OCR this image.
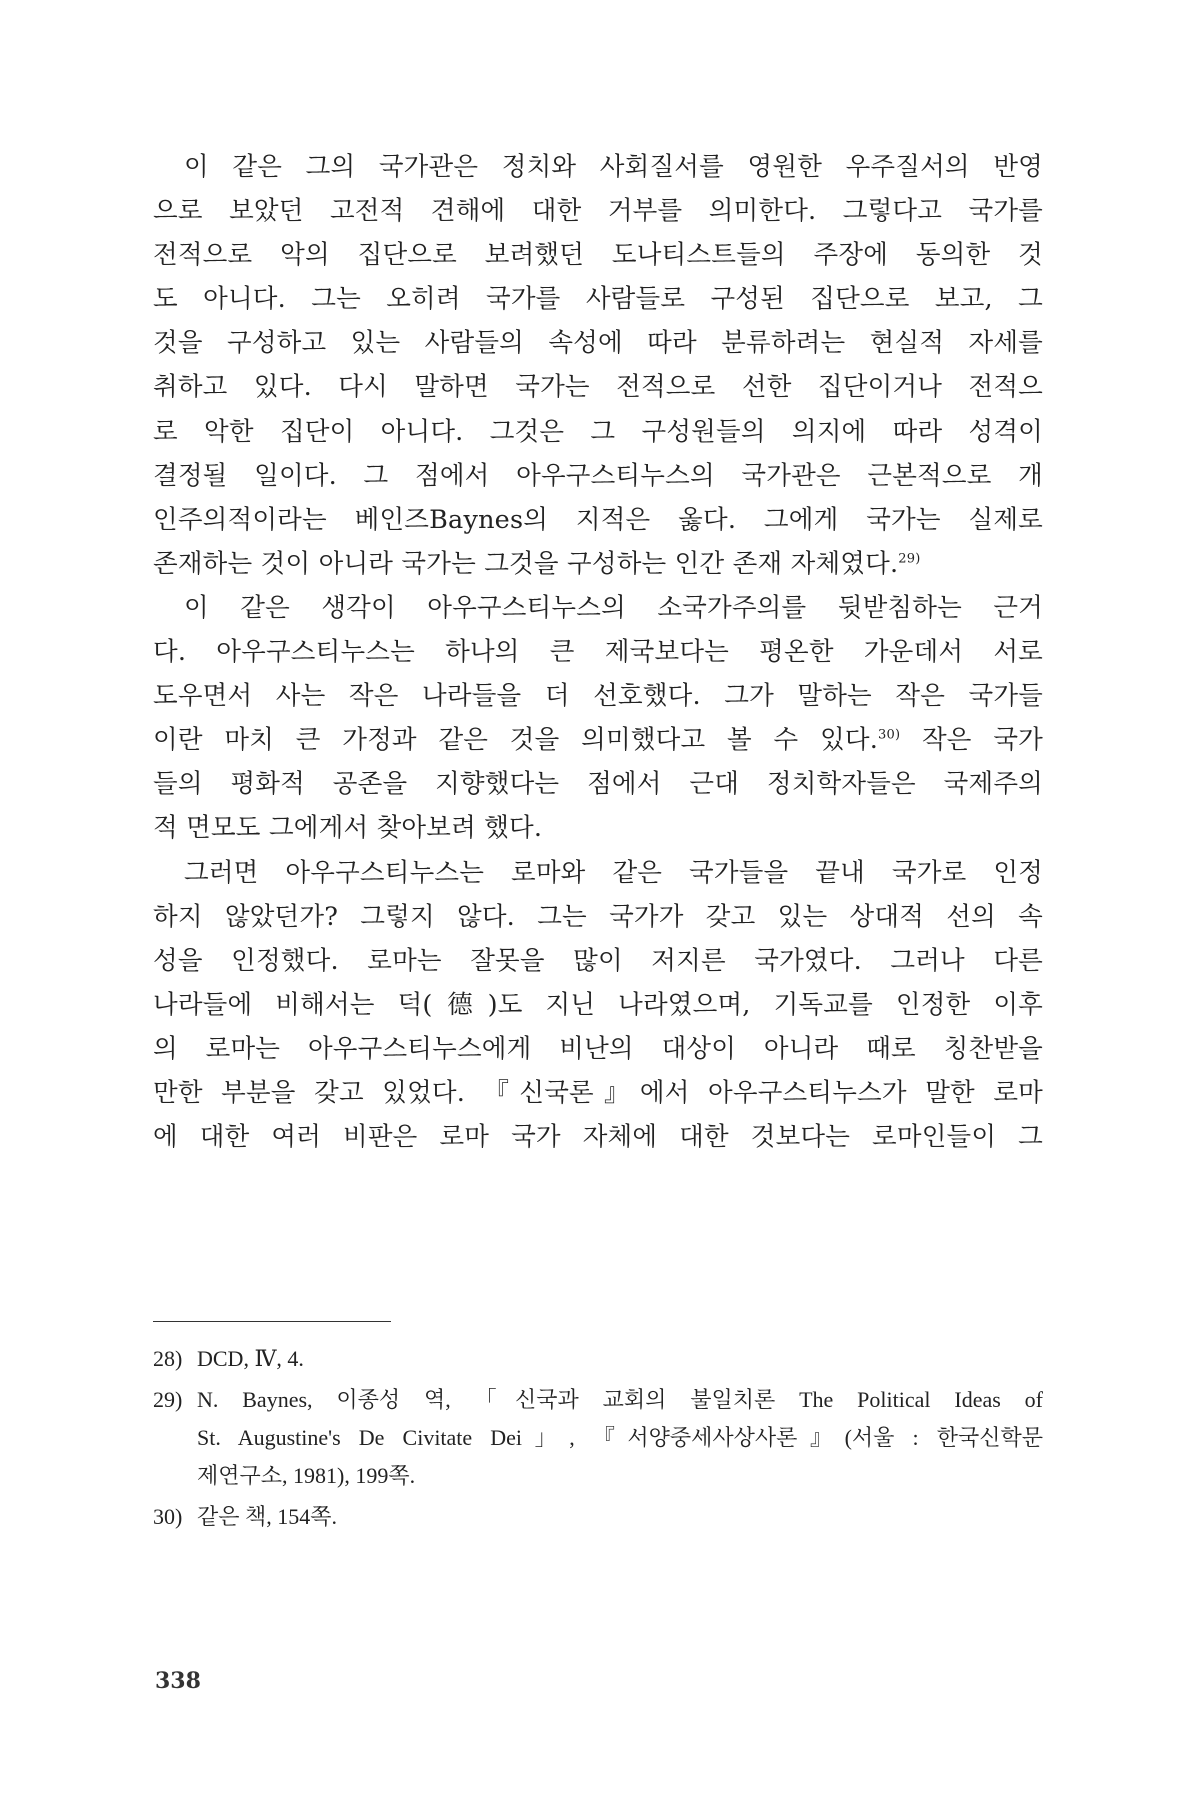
이 같은 그의 국가관은 정치와 사회질서를 영원한 우주질서의 반영
으로 보았던 고전적 견해에 대한 거부를 의미한다. 그렇다고 국가를
전적으로 악의 집단으로 보려했던 도나티스트들의 주장에 동의한 것
도 아니다. 그는 오히려 국가를 사람들로 구성된 집단으로 보고, 그
것을 구성하고 있는 사람들의 속성에 따라 분류하려는 현실적 자세를
취하고 있다. 다시 말하면 국가는 전적으로 선한 집단이거나 전적으
로 악한 집단이 아니다. 그것은 그 구성원들의 의지에 따라 성격이
결정될 일이다. 그 점에서 아우구스티누스의 국가관은 근본적으로 개
인주의적이라는 베인즈Baynes의 지적은 옳다. 그에게 국가는 실제로
존재하는 것이 아니라 국가는 그것을 구성하는 인간 존재 자체였다.$^{29)}$
이 같은 생각이 아우구스티누스의 소국가주의를 뒷받침하는 근거
다. 아우구스티누스는 하나의 큰 제국보다는 평온한 가운데서 서로
도우면서 사는 작은 나라들을 더 선호했다. 그가 말하는 작은 국가들
이란 마치 큰 가정과 같은 것을 의미했다고 볼 수 있다.$^{30)}$ 작은 국가
들의 평화적 공존을 지향했다는 점에서 근대 정치학자들은 국제주의
적 면모도 그에게서 찾아보려 했다.
그러면 아우구스티누스는 로마와 같은 국가들을 끝내 국가로 인정
하지 않았던가? 그렇지 않다. 그는 국가가 갖고 있는 상대적 선의 속
성을 인정했다. 로마는 잘못을 많이 저지른 국가였다. 그러나 다른
나라들에 비해서는 덕(德)도 지닌 나라였으며, 기독교를 인정한 이후
의 로마는 아우구스티누스에게 비난의 대상이 아니라 때로 칭찬받을
만한 부분을 갖고 있었다. 『신국론』에서 아우구스티누스가 말한 로마
에 대한 여러 비판은 로마 국가 자체에 대한 것보다는 로마인들이 그
28) DCD, Ⅳ, 4.
29) N. Baynes, 이종성 역, 「신국과 교회의 불일치론 The Political Ideas of
St. Augustine's De Civitate Dei」, 『서양중세사상사론』(서울 : 한국신학문
제연구소, 1981), 199쪽.
30) 같은 책, 154쪽.
338
